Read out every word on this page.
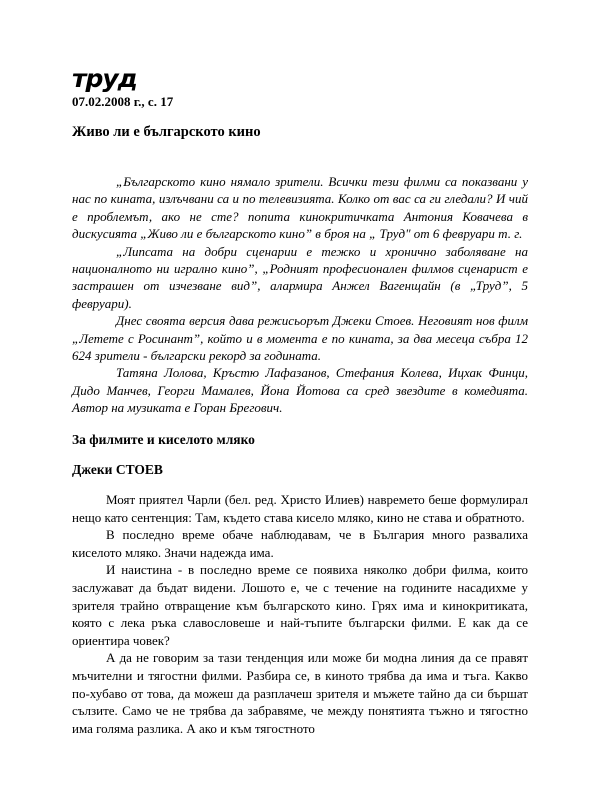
труд
07.02.2008 г., с. 17
Живо ли е българското кино

„Българското кино нямало зрители. Всички тези филми са показвани у нас по кината, излъчвани са и по телевизията. Колко от вас са ги гледали? И чий е проблемът, ако не сте? попита кинокритичката Антония Ковачева в дискусията „Живо ли е българското кино” в броя на „ Труд" от 6 февруари т. г.

„Липсата на добри сценарии е тежко и хронично заболяване на националното ни игрално кино”, „Родният професионален филмов сценарист е застрашен от изчезване вид”, алармира Анжел Вагенщайн (в „Труд”, 5 февруари).

Днес своята версия дава режисьорът Джеки Стоев. Неговият нов филм „Летете с Росинант”, който и в момента е по кината, за два месеца събра 12 624 зрители - български рекорд за годината.

Татяна Лолова, Кръстю Лафазанов, Стефания Колева, Ицхак Финци, Дидо Манчев, Георги Мамалев, Йона Йотова са сред звездите в комедията. Автор на музиката е Горан Брегович.

За филмите и киселото мляко
Джеки СТОЕВ

Моят приятел Чарли (бел. ред. Христо Илиев) навремето беше формулирал нещо като сентенция: Там, където става кисело мляко, кино не става и обратното.

В последно време обаче наблюдавам, че в България много развалиха киселото мляко. Значи надежда има.

И наистина - в последно време се появиха няколко добри филма, които заслужават да бъдат видени. Лошото е, че с течение на годините насадихме у зрителя трайно отвращение към българското кино. Грях има и кинокритиката, която с лека ръка славословеше и най-тъпите български филми. Е как да се ориентира човек?

А да не говорим за тази тенденция или може би модна линия да се правят мъчителни и тягостни филми. Разбира се, в киното трябва да има и тъга. Какво по-хубаво от това, да можеш да разплачеш зрителя и мъжете тайно да си бършат сълзите. Само че не трябва да забравяме, че между понятията тъжно и тягостно има голяма разлика. А ако и към тягостното
